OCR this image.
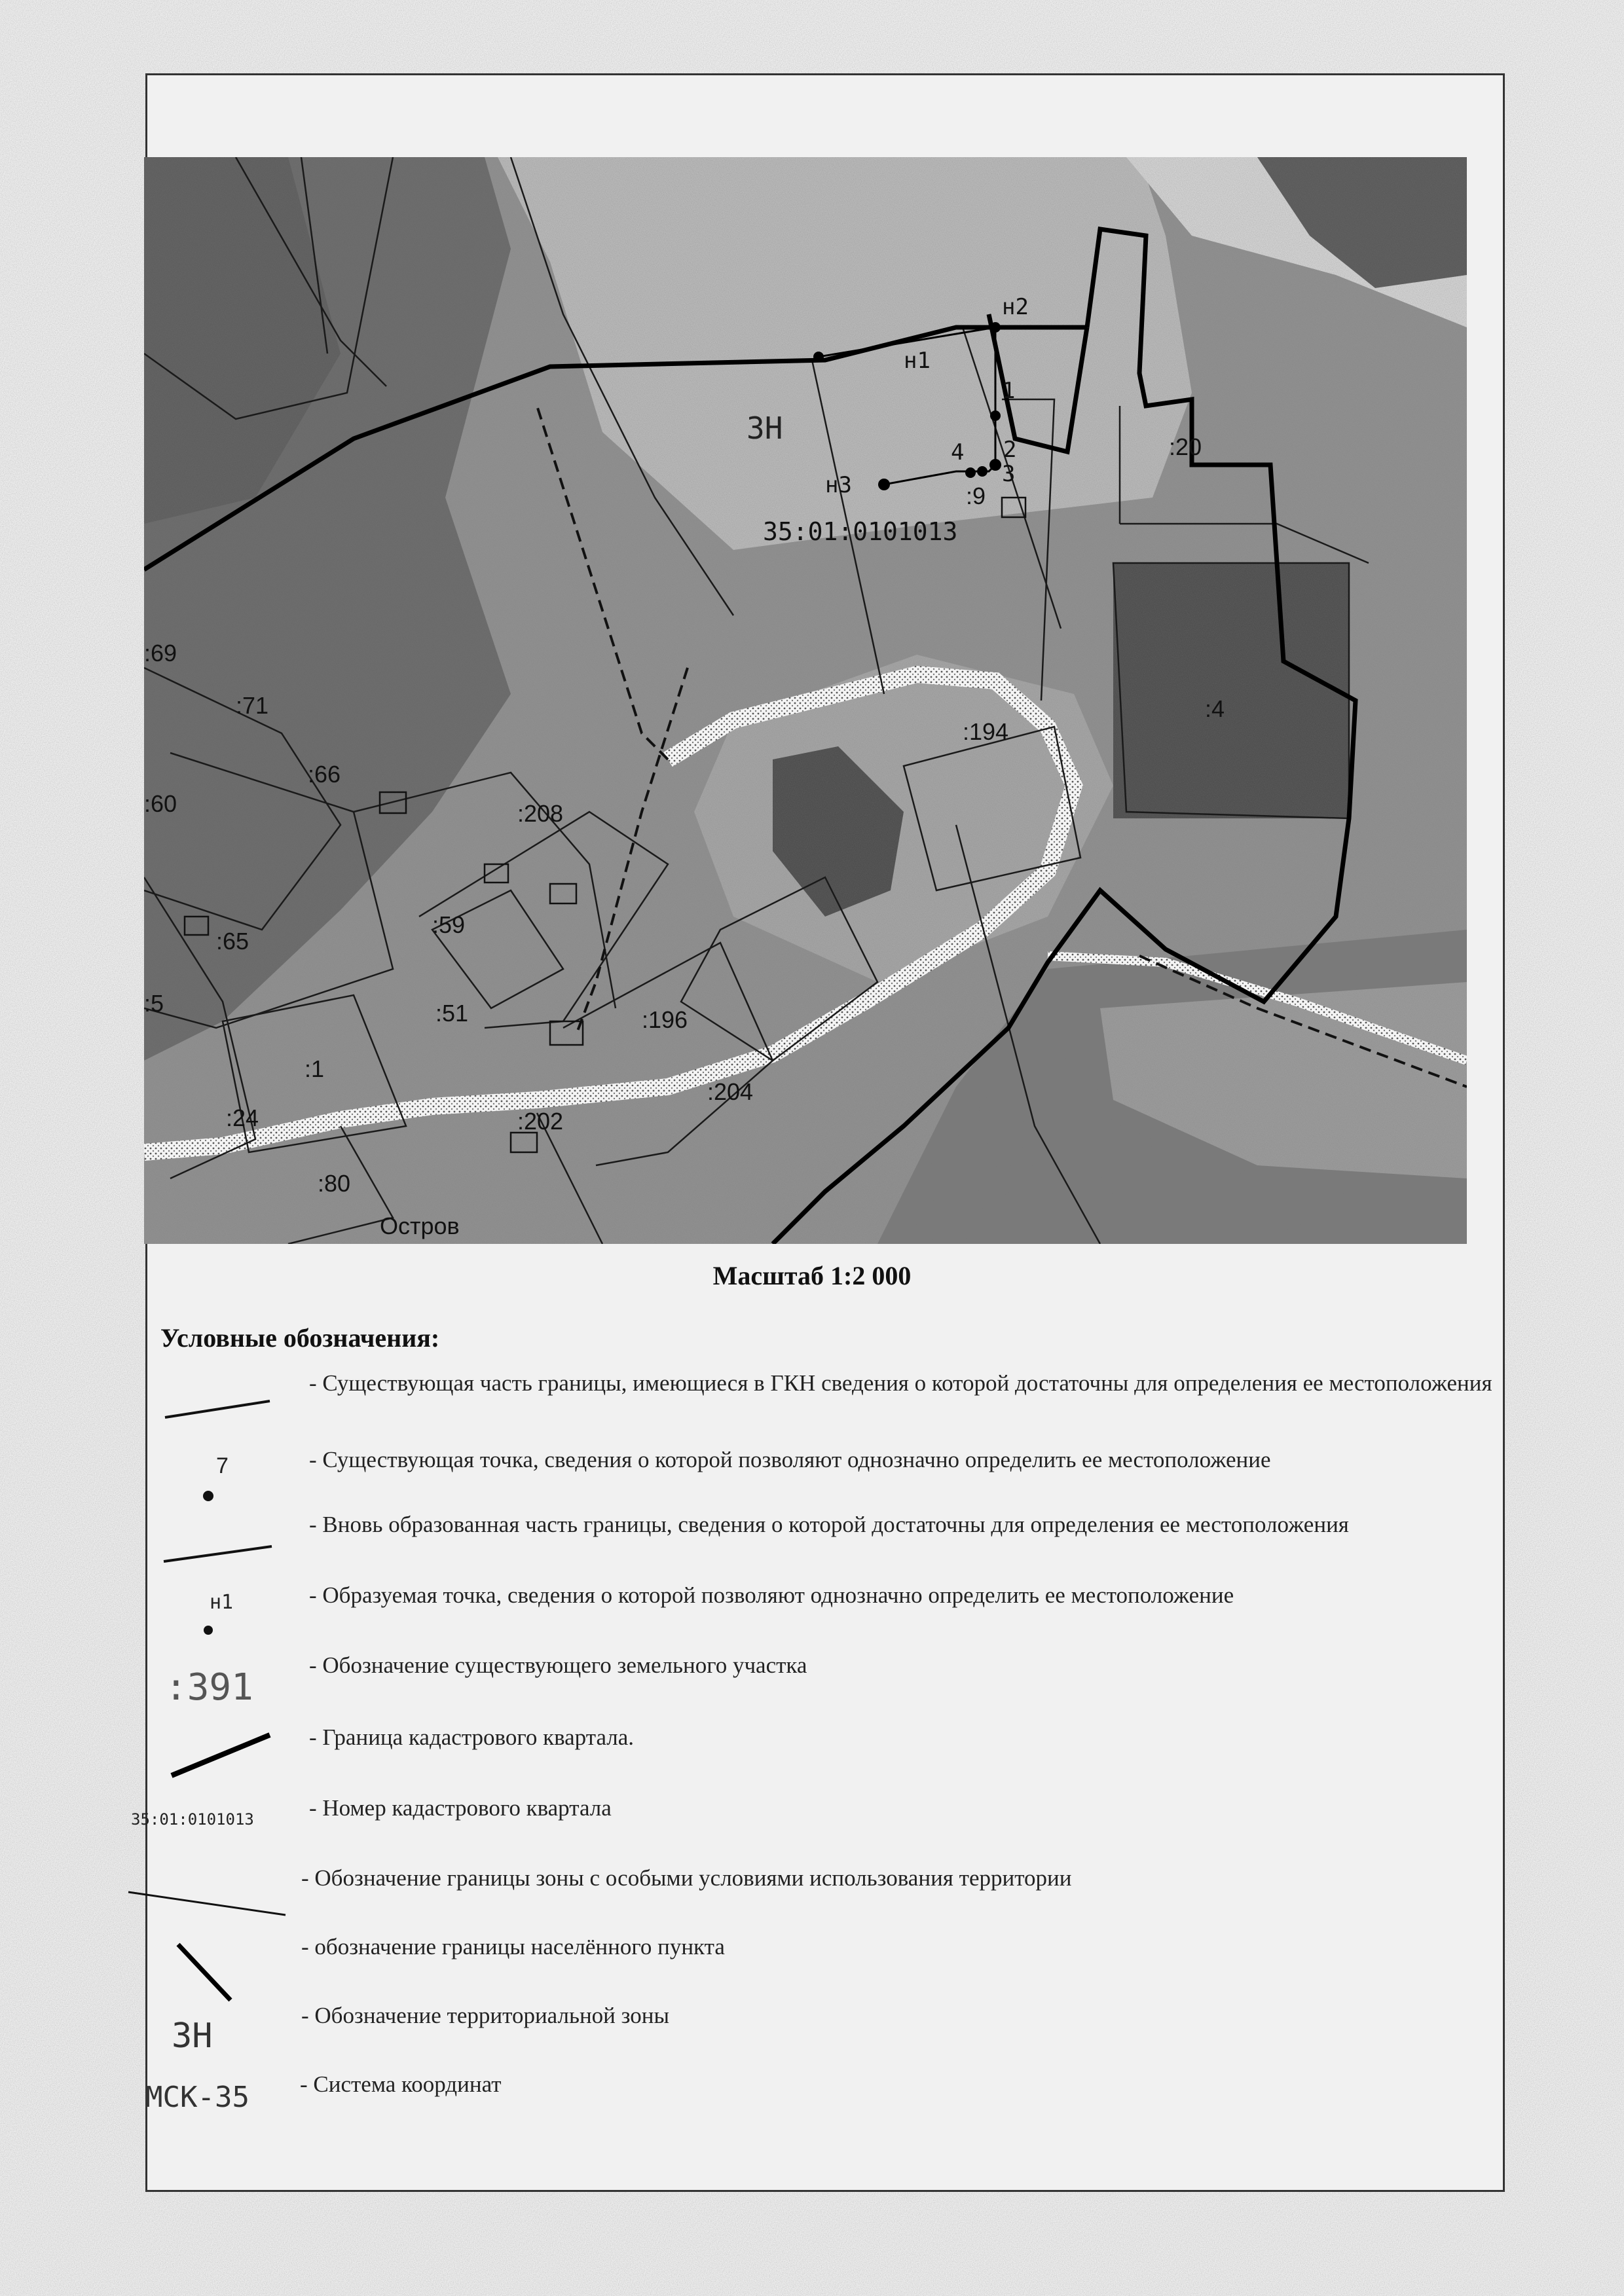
н1
н2
н3
1
2
3
4
35:01:0101013
ЗН
:9
:20
:194
:4
:69
:71
:60
:66
:65
:5
:208
:59
:51	:196
:204
:202
:1
:24
:80
Остров
Масштаб 1:2 000
Условные обозначения:
7
н1
:391
35:01:0101013
ЗН
МСК-35
- Существующая часть границы, имеющиеся в ГКН сведения о которой достаточны для определения ее местоположения
- Существующая точка, сведения о которой позволяют однозначно определить ее местоположение
- Вновь образованная часть границы, сведения о которой достаточны для определения ее местоположения
- Образуемая точка, сведения о которой позволяют однозначно определить ее местоположение
- Обозначение существующего земельного участка
- Граница кадастрового квартала.
- Номер кадастрового квартала
- Обозначение границы зоны с особыми условиями использования территории
- обозначение границы населённого пункта
- Обозначение территориальной зоны
- Система координат
